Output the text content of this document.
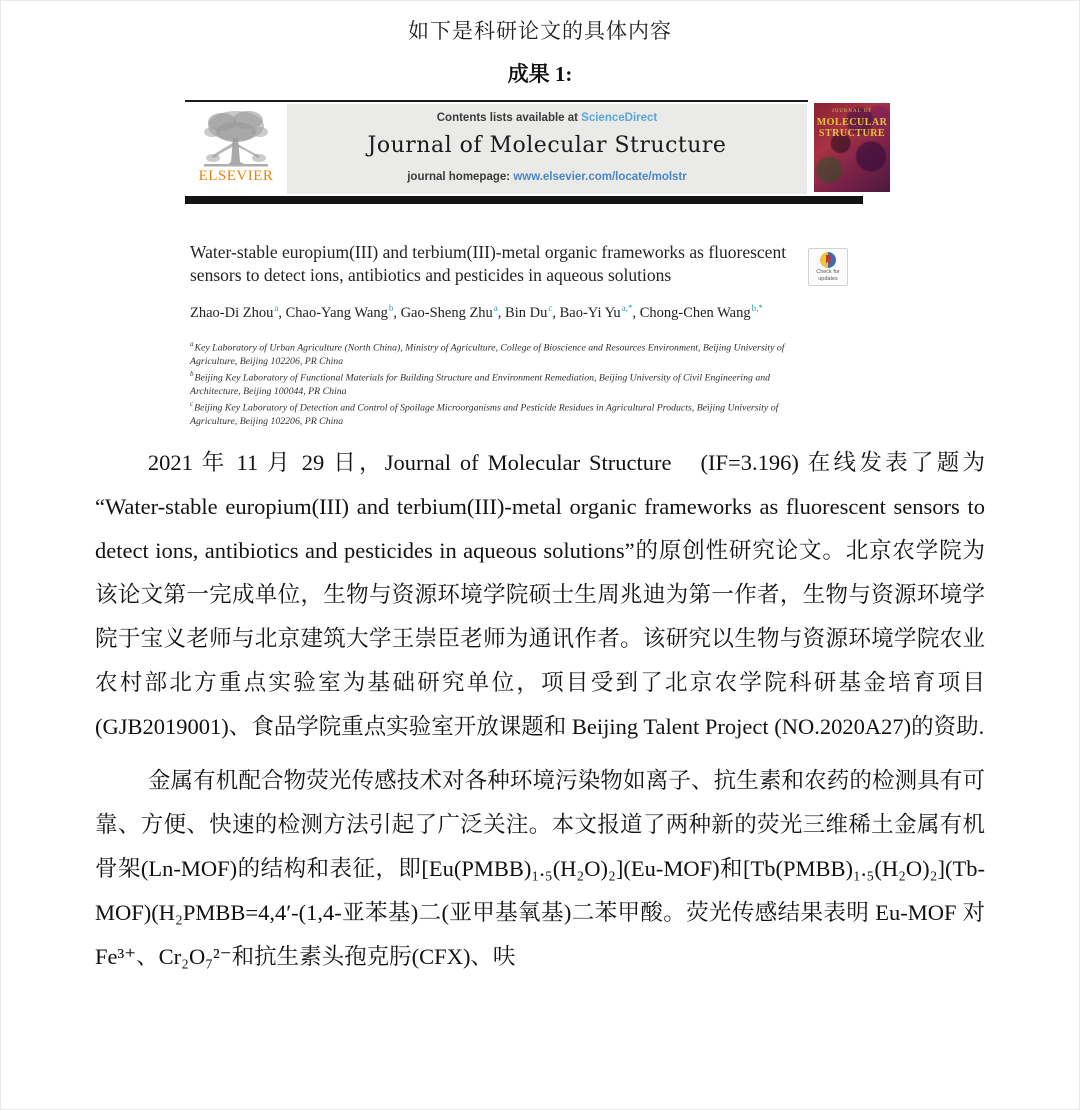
如下是科研论文的具体内容
成果 1:
ELSEVIER
Contents lists available at ScienceDirect
Journal of Molecular Structure
journal homepage: www.elsevier.com/locate/molstr
JOURNAL OF
MOLECULAR
STRUCTURE
Water-stable europium(III) and terbium(III)-metal organic frameworks as fluorescent sensors to detect ions, antibiotics and pesticides in aqueous solutions	Check for
updates
Zhao-Di Zhou$^a$, Chao-Yang Wang$^b$, Gao-Sheng Zhu$^a$, Bin Du$^c$, Bao-Yi $Yu^{a,*}$, Chong-Chen Wang$^{b,*}$
$^a$Key Laboratory of Urban Agriculture (North China), Ministry of Agriculture, College of Bioscience and Resources Environment, Beijing University of Agriculture, Beijing 102206, PR China
$^b$Beijing Key Laboratory of Functional Materials for Building Structure and Environment Remediation, Beijing University of Civil Engineering and Architecture, Beijing 100044, PR China
$^c$Beijing Key Laboratory of Detection and Control of Spoilage Microorganisms and Pesticide Residues in Agricultural Products, Beijing University of Agriculture, Beijing 102206, PR China

2021 年 11 月 29 日，Journal of Molecular Structure　(IF=3.196) 在线发表了题为 “Water-stable europium(III) and terbium(III)-metal organic frameworks as fluorescent sensors to detect ions, antibiotics and pesticides in aqueous solutions”的原创性研究论文。北京农学院为该论文第一完成单位，生物与资源环境学院硕士生周兆迪为第一作者，生物与资源环境学院于宝义老师与北京建筑大学王崇臣老师为通讯作者。该研究以生物与资源环境学院农业农村部北方重点实验室为基础研究单位，项目受到了北京农学院科研基金培育项目(GJB2019001)、食品学院重点实验室开放课题和 Beijing Talent Project (NO.2020A27)的资助.

金属有机配合物荧光传感技术对各种环境污染物如离子、抗生素和农药的检测具有可靠、方便、快速的检测方法引起了广泛关注。本文报道了两种新的荧光三维稀土金属有机骨架(Ln-MOF)的结构和表征，即[Eu(PMBB)₁.₅(H₂O)₂](Eu-MOF)和[Tb(PMBB)₁.₅(H₂O)₂](Tb-MOF)(H₂PMBB=4,4′-(1,4-亚苯基)二(亚甲基氧基)二苯甲酸。荧光传感结果表明 Eu-MOF 对 Fe³⁺、Cr₂O₇²⁻和抗生素头孢克肟(CFX)、呋
